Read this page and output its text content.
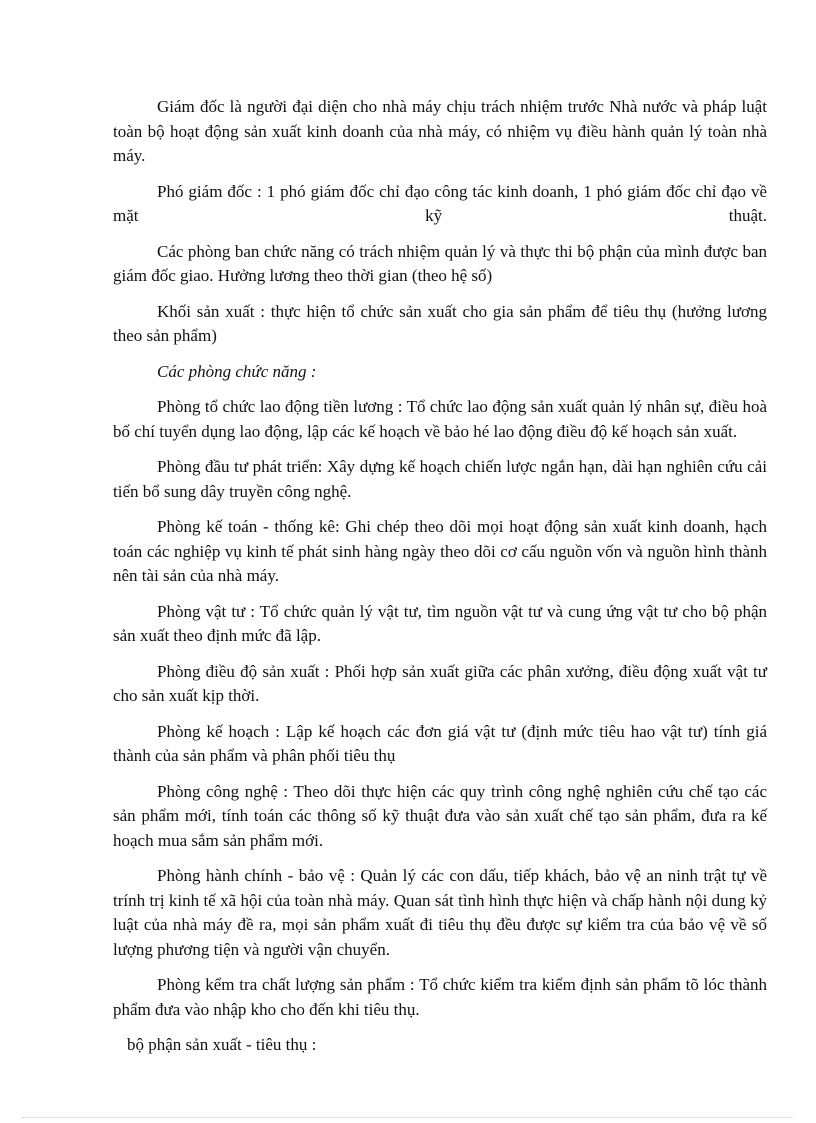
Giám đốc là người đại diện cho nhà máy chịu trách nhiệm trước Nhà nước và pháp luật toàn bộ hoạt động sản xuất kinh doanh của nhà máy, có nhiệm vụ điều hành quản lý toàn nhà máy.

Phó giám đốc : 1 phó giám đốc chỉ đạo công tác kinh doanh, 1 phó giám đốc chỉ đạo về mặt kỹ thuật.

Các phòng ban chức năng có trách nhiệm quản lý và thực thi bộ phận của mình được ban giám đốc giao. Hưởng lương theo thời gian (theo hệ số)

Khối sản xuất : thực hiện tổ chức sản xuất cho gia sản phẩm để tiêu thụ (hưởng lương theo sản phẩm)

Các phòng chức năng :

Phòng tổ chức lao động tiền lương : Tổ chức lao động sản xuất quản lý nhân sự, điều hoà bố chí tuyển dụng lao động, lập các kế hoạch về bảo hé lao động điều độ kế hoạch sản xuất.

Phòng đầu tư phát triển: Xây dựng kế hoạch chiến lược ngắn hạn, dài hạn nghiên cứu cải tiến bổ sung dây truyền công nghệ.

Phòng kế toán - thống kê: Ghi chép theo dõi mọi hoạt động sản xuất kinh doanh, hạch toán các nghiệp vụ kinh tế phát sinh hàng ngày theo dõi cơ cấu nguồn vốn và nguồn hình thành nên tài sản của nhà máy.

Phòng vật tư : Tổ chức quản lý vật tư, tìm nguồn vật tư và cung ứng vật tư cho bộ phận sản xuất theo định mức đã lập.

Phòng điều độ sản xuất : Phối hợp sản xuất giữa các phân xưởng, điều động xuất vật tư cho sản xuất kịp thời.

Phòng kế hoạch : Lập kế hoạch các đơn giá vật tư (định mức tiêu hao vật tư) tính giá thành của sản phẩm và phân phối tiêu thụ

Phòng công nghệ : Theo dõi thực hiện các quy trình công nghệ nghiên cứu chế tạo các sản phẩm mới, tính toán các thông số kỹ thuật đưa vào sản xuất chế tạo sản phẩm, đưa ra kế hoạch mua sắm sản phẩm mới.

Phòng hành chính - bảo vệ : Quản lý các con dấu, tiếp khách, bảo vệ an ninh trật tự về trính trị kinh tế xã hội của toàn nhà máy. Quan sát tình hình thực hiện và chấp hành nội dung kỷ luật của nhà máy đề ra, mọi sản phẩm xuất đi tiêu thụ đều được sự kiểm tra của bảo vệ về số lượng phương tiện và người vận chuyển.

Phòng kểm tra chất lượng sản phẩm : Tổ chức kiểm tra kiểm định sản phẩm tõ lóc thành phẩm đưa vào nhập kho cho đến khi tiêu thụ.

bộ phận sản xuất - tiêu thụ :
